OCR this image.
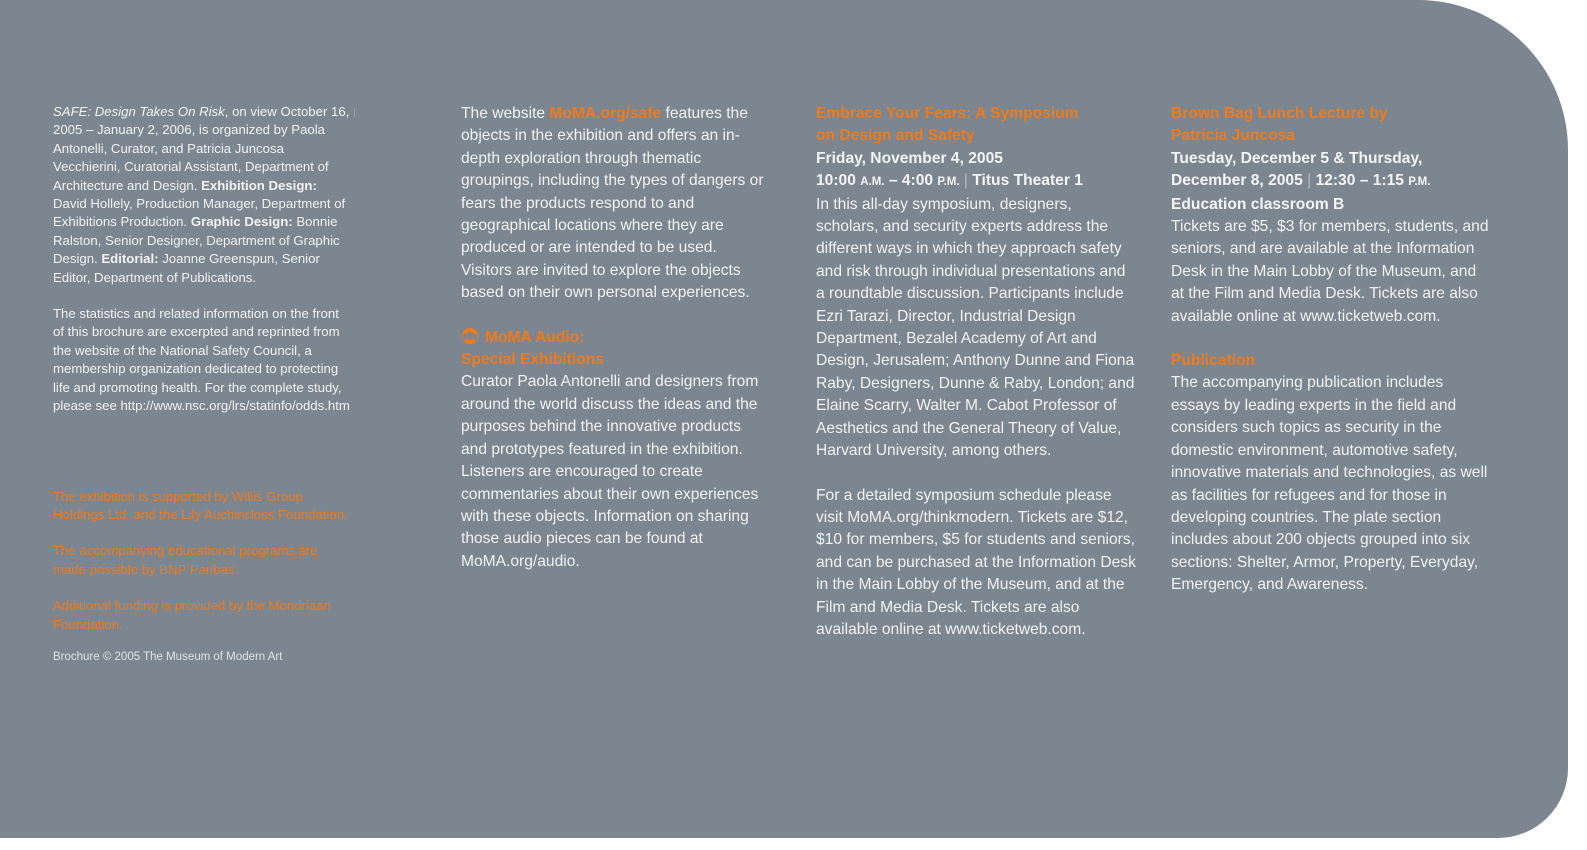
SAFE: Design Takes On Risk, on view October 16, 2005 – January 2, 2006, is organized by Paola Antonelli, Curator, and Patricia Juncosa Vecchierini, Curatorial Assistant, Department of Architecture and Design. Exhibition Design: David Hollely, Production Manager, Department of Exhibitions Production. Graphic Design: Bonnie Ralston, Senior Designer, Department of Graphic Design. Editorial: Joanne Greenspun, Senior Editor, Department of Publications.

The statistics and related information on the front of this brochure are excerpted and reprinted from the website of the National Safety Council, a membership organization dedicated to protecting life and promoting health. For the complete study, please see http://www.nsc.org/lrs/statinfo/odds.htm

The exhibition is supported by Willis Group Holdings Ltd. and the Lily Auchincloss Foundation.

The accompanying educational programs are made possible by BNP Paribas.

Additional funding is provided by the Mondriaan Foundation.

Brochure © 2005 The Museum of Modern Art

The website MoMA.org/safe features the objects in the exhibition and offers an in-depth exploration through thematic groupings, including the types of dangers or fears the products respond to and geographical locations where they are produced or are intended to be used. Visitors are invited to explore the objects based on their own personal experiences.

MoMA Audio:
Special Exhibitions

Curator Paola Antonelli and designers from around the world discuss the ideas and the purposes behind the innovative products and prototypes featured in the exhibition. Listeners are encouraged to create commentaries about their own experiences with these objects. Information on sharing those audio pieces can be found at MoMA.org/audio.

Embrace Your Fears: A Symposium
on Design and Safety

Friday, November 4, 2005

10:00 A.M. – 4:00 P.M. | Titus Theater 1

In this all-day symposium, designers, scholars, and security experts address the different ways in which they approach safety and risk through individual presentations and a roundtable discussion. Participants include Ezri Tarazi, Director, Industrial Design Department, Bezalel Academy of Art and Design, Jerusalem; Anthony Dunne and Fiona Raby, Designers, Dunne & Raby, London; and Elaine Scarry, Walter M. Cabot Professor of Aesthetics and the General Theory of Value, Harvard University, among others.

For a detailed symposium schedule please visit MoMA.org/thinkmodern. Tickets are $12, $10 for members, $5 for students and seniors, and can be purchased at the Information Desk in the Main Lobby of the Museum, and at the Film and Media Desk. Tickets are also available online at www.ticketweb.com.

Brown Bag Lunch Lecture by
Patricia Juncosa

Tuesday, December 5 & Thursday,

December 8, 2005 | 12:30 – 1:15 P.M.

Education classroom B

Tickets are $5, $3 for members, students, and seniors, and are available at the Information Desk in the Main Lobby of the Museum, and at the Film and Media Desk. Tickets are also available online at www.ticketweb.com.

Publication

The accompanying publication includes essays by leading experts in the field and considers such topics as security in the domestic environment, automotive safety, innovative materials and technologies, as well as facilities for refugees and for those in developing countries. The plate section includes about 200 objects grouped into six sections: Shelter, Armor, Property, Everyday, Emergency, and Awareness.
